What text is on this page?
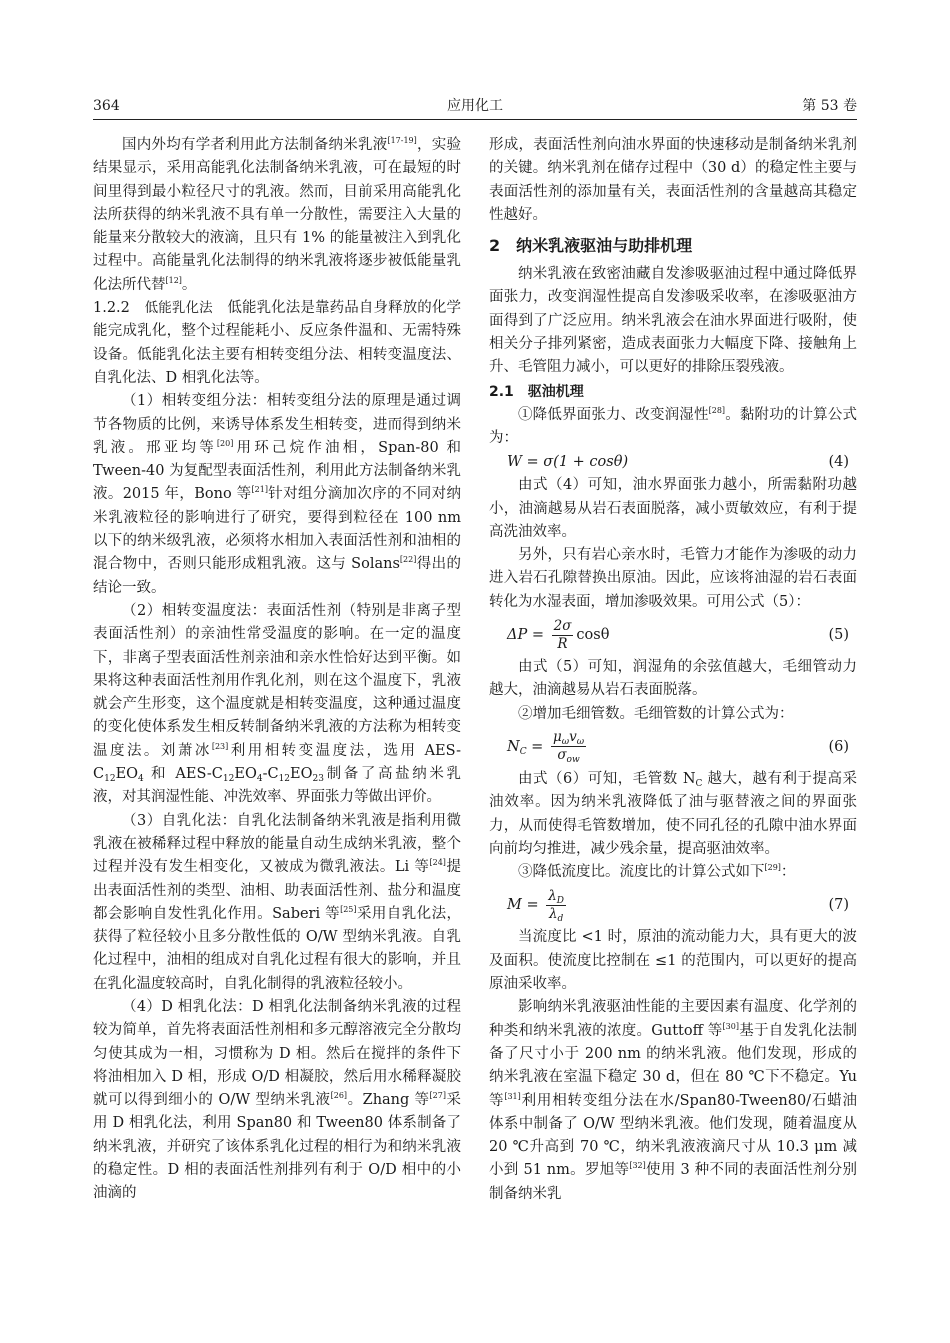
364	应用化工	第 53 卷

国内外均有学者利用此方法制备纳米乳液[17-19]，实验结果显示，采用高能乳化法制备纳米乳液，可在最短的时间里得到最小粒径尺寸的乳液。然而，目前采用高能乳化法所获得的纳米乳液不具有单一分散性，需要注入大量的能量来分散较大的液滴，且只有 1% 的能量被注入到乳化过程中。高能量乳化法制得的纳米乳液将逐步被低能量乳化法所代替[12]。

1.2.2　 低能乳化法　 低能乳化法是靠药品自身释放的化学能完成乳化，整个过程能耗小、反应条件温和、无需特殊设备。低能乳化法主要有相转变组分法、相转变温度法、自乳化法、D 相乳化法等。

（1）相转变组分法：相转变组分法的原理是通过调节各物质的比例，来诱导体系发生相转变，进而得到纳米乳液。邢亚均等[20]用环己烷作油相，Span-80 和 Tween-40 为复配型表面活性剂，利用此方法制备纳米乳液。2015 年，Bono 等[21]针对组分滴加次序的不同对纳米乳液粒径的影响进行了研究，要得到粒径在 100 nm 以下的纳米级乳液，必须将水相加入表面活性剂和油相的混合物中，否则只能形成粗乳液。这与 Solans[22]得出的结论一致。

（2）相转变温度法：表面活性剂（特别是非离子型表面活性剂）的亲油性常受温度的影响。在一定的温度下，非离子型表面活性剂亲油和亲水性恰好达到平衡。如果将这种表面活性剂用作乳化剂，则在这个温度下，乳液就会产生形变，这个温度就是相转变温度，这种通过温度的变化使体系发生相反转制备纳米乳液的方法称为相转变温度法。刘萧冰[23]利用相转变温度法，选用 AES-$C_{12}EO_4$ 和 AES-$C_{12}EO_4-C_{12}EO_{23}$制备了高盐纳米乳液，对其润湿性能、冲洗效率、界面张力等做出评价。

（3）自乳化法：自乳化法制备纳米乳液是指利用微乳液在被稀释过程中释放的能量自动生成纳米乳液，整个过程并没有发生相变化，又被成为微乳液法。Li 等[24]提出表面活性剂的类型、油相、助表面活性剂、盐分和温度都会影响自发性乳化作用。Saberi 等[25]采用自乳化法，获得了粒径较小且多分散性低的 O/W 型纳米乳液。自乳化过程中，油相的组成对自乳化过程有很大的影响，并且在乳化温度较高时，自乳化制得的乳液粒径较小。

（4）D 相乳化法：D 相乳化法制备纳米乳液的过程较为简单，首先将表面活性剂相和多元醇溶液完全分散均匀使其成为一相，习惯称为 D 相。然后在搅拌的条件下将油相加入 D 相，形成 O/D 相凝胶，然后用水稀释凝胶就可以得到细小的 O/W 型纳米乳液[26]。Zhang 等[27]采用 D 相乳化法，利用 Span80 和 Tween80 体系制备了纳米乳液，并研究了该体系乳化过程的相行为和纳米乳液的稳定性。D 相的表面活性剂排列有利于 O/D 相中的小油滴的

形成，表面活性剂向油水界面的快速移动是制备纳米乳剂的关键。纳米乳剂在储存过程中（30 d）的稳定性主要与表面活性剂的添加量有关，表面活性剂的含量越高其稳定性越好。

2　纳米乳液驱油与助排机理

纳米乳液在致密油藏自发渗吸驱油过程中通过降低界面张力，改变润湿性提高自发渗吸采收率，在渗吸驱油方面得到了广泛应用。纳米乳液会在油水界面进行吸附，使相关分子排列紧密，造成表面张力大幅度下降、接触角上升、毛管阻力减小，可以更好的排除压裂残液。

2.1　驱油机理

①降低界面张力、改变润湿性[28]。黏附功的计算公式为：

W = σ(1 + cosθ)	(4)

由式（4）可知，油水界面张力越小，所需黏附功越小，油滴越易从岩石表面脱落，减小贾敏效应，有利于提高洗油效率。

另外，只有岩心亲水时，毛管力才能作为渗吸的动力进入岩石孔隙替换出原油。因此，应该将油湿的岩石表面转化为水湿表面，增加渗吸效果。可用公式（5）：

$\Delta P = \frac{2\sigma}{R}$ cosθ	(5)

由式（5）可知，润湿角的余弦值越大，毛细管动力越大，油滴越易从岩石表面脱落。

②增加毛细管数。毛细管数的计算公式为：

$N_C = \frac{\mu_\omega v_\omega}{\sigma_{ow}}$	(6)

由式（6）可知，毛管数 $N_C$ 越大，越有利于提高采油效率。因为纳米乳液降低了油与驱替液之间的界面张力，从而使得毛管数增加，使不同孔径的孔隙中油水界面向前均匀推进，减少残余量，提高驱油效率。

③降低流度比。流度比的计算公式如下[29]：

$M = \frac{\lambda_D}{\lambda_d}$	(7)

当流度比 <1 时，原油的流动能力大，具有更大的波及面积。使流度比控制在 ≤1 的范围内，可以更好的提高原油采收率。

影响纳米乳液驱油性能的主要因素有温度、化学剂的种类和纳米乳液的浓度。Guttoff 等[30]基于自发乳化法制备了尺寸小于 200 nm 的纳米乳液。他们发现，形成的纳米乳液在室温下稳定 30 d，但在 80 ℃下不稳定。Yu 等[31]利用相转变组分法在水/Span80-Tween80/石蜡油体系中制备了 O/W 型纳米乳液。他们发现，随着温度从 20 ℃升高到 70 ℃，纳米乳液液滴尺寸从 10.3 μm 减小到 51 nm。罗旭等[32]使用 3 种不同的表面活性剂分别制备纳米乳
